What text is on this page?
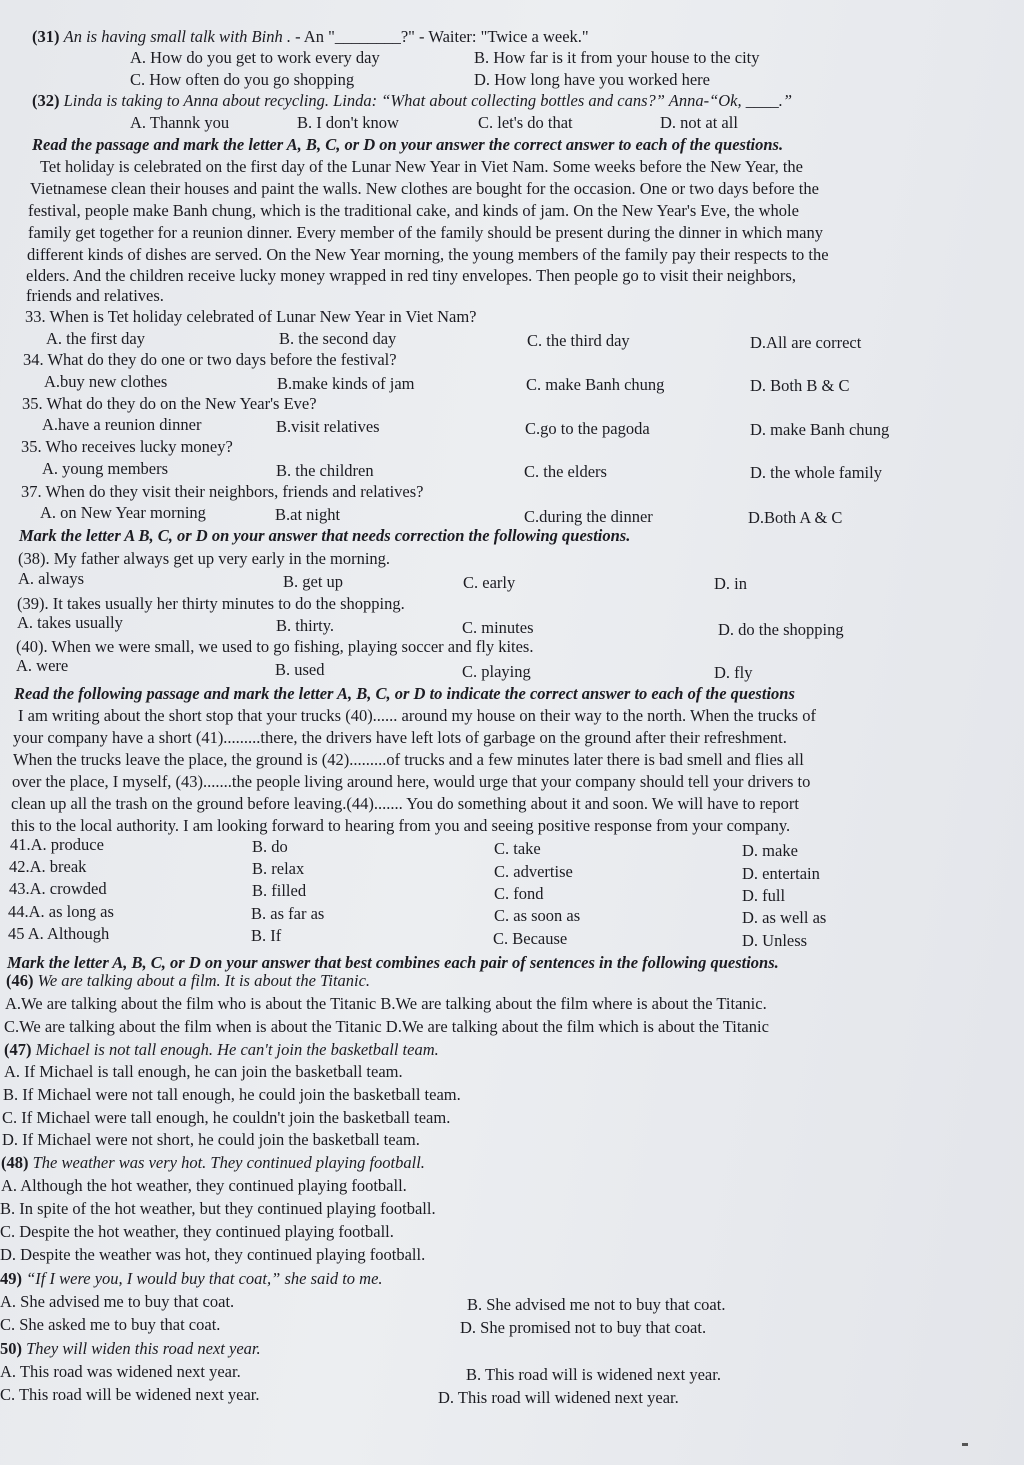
(31) An is having small talk with Binh . - An "________?" - Waiter: "Twice a week."
A. How do you get to work every day	B. How far is it from your house to the city
C. How often do you go shopping	D. How long have you worked here
(32) Linda is taking to Anna about recycling. Linda: “What about collecting bottles and cans?” Anna-“Ok, ____.”
A. Thannk you	B. I don't know	C. let's do that	D. not at all
Read the passage and mark the letter A, B, C, or D on your answer the correct answer to each of the questions.
Tet holiday is celebrated on the first day of the Lunar New Year in Viet Nam. Some weeks before the New Year, the
Vietnamese clean their houses and paint the walls. New clothes are bought for the occasion. One or two days before the
festival, people make Banh chung, which is the traditional cake, and kinds of jam. On the New Year's Eve, the whole
family get together for a reunion dinner. Every member of the family should be present during the dinner in which many
different kinds of dishes are served. On the New Year morning, the young members of the family pay their respects to the
elders. And the children receive lucky money wrapped in red tiny envelopes. Then people go to visit their neighbors,
friends and relatives.
33. When is Tet holiday celebrated of Lunar New Year in Viet Nam?
A. the first day	B. the second day	C. the third day	D.All are correct
34. What do they do one or two days before the festival?
A.buy new clothes	B.make kinds of jam	C. make Banh chung	D. Both B & C
35. What do they do on the New Year's Eve?
A.have a reunion dinner	B.visit relatives	C.go to the pagoda	D. make Banh chung
35. Who receives lucky money?
A. young members	B. the children	C. the elders	D. the whole family
37. When do they visit their neighbors, friends and relatives?
A. on New Year morning	B.at night	C.during the dinner	D.Both A & C
Mark the letter A B, C, or D on your answer that needs correction the following questions.
(38). My father always get up very early in the morning.
A. always	B. get up	C. early	D. in
(39). It takes usually her thirty minutes to do the shopping.
A. takes usually	B. thirty.	C. minutes	D. do the shopping
(40). When we were small, we used to go fishing, playing soccer and fly kites.
A. were	B. used	C. playing	D. fly
Read the following passage and mark the letter A, B, C, or D to indicate the correct answer to each of the questions
I am writing about the short stop that your trucks (40)...... around my house on their way to the north. When the trucks of
your company have a short (41).........there, the drivers have left lots of garbage on the ground after their refreshment.
When the trucks leave the place, the ground is (42).........of trucks and a few minutes later there is bad smell and flies all
over the place, I myself, (43).......the people living around here, would urge that your company should tell your drivers to
clean up all the trash on the ground before leaving.(44)....... You do something about it and soon. We will have to report
this to the local authority. I am looking forward to hearing from you and seeing positive response from your company.
41.A. produce	B. do	C. take	D. make
42.A. break	B. relax	C. advertise	D. entertain
43.A. crowded	B. filled	C. fond	D. full
44.A. as long as	B. as far as	C. as soon as	D. as well as
45 A. Although	B. If	C. Because	D. Unless
Mark the letter A, B, C, or D on your answer that best combines each pair of sentences in the following questions.
(46) We are talking about a film. It is about the Titanic.
A.We are talking about the film who is about the Titanic B.We are talking about the film where is about the Titanic.
C.We are talking about the film when is about the Titanic D.We are talking about the film which is about the Titanic
(47) Michael is not tall enough. He can't join the basketball team.
A. If Michael is tall enough, he can join the basketball team.
B. If Michael were not tall enough, he could join the basketball team.
C. If Michael were tall enough, he couldn't join the basketball team.
D. If Michael were not short, he could join the basketball team.
(48) The weather was very hot. They continued playing football.
A. Although the hot weather, they continued playing football.
B. In spite of the hot weather, but they continued playing football.
C. Despite the hot weather, they continued playing football.
D. Despite the weather was hot, they continued playing football.
49) “If I were you, I would buy that coat,” she said to me.
A. She advised me to buy that coat.	B. She advised me not to buy that coat.
C. She asked me to buy that coat.	D. She promised not to buy that coat.
50) They will widen this road next year.
A. This road was widened next year.	B. This road will is widened next year.
C. This road will be widened next year.	D. This road will widened next year.
